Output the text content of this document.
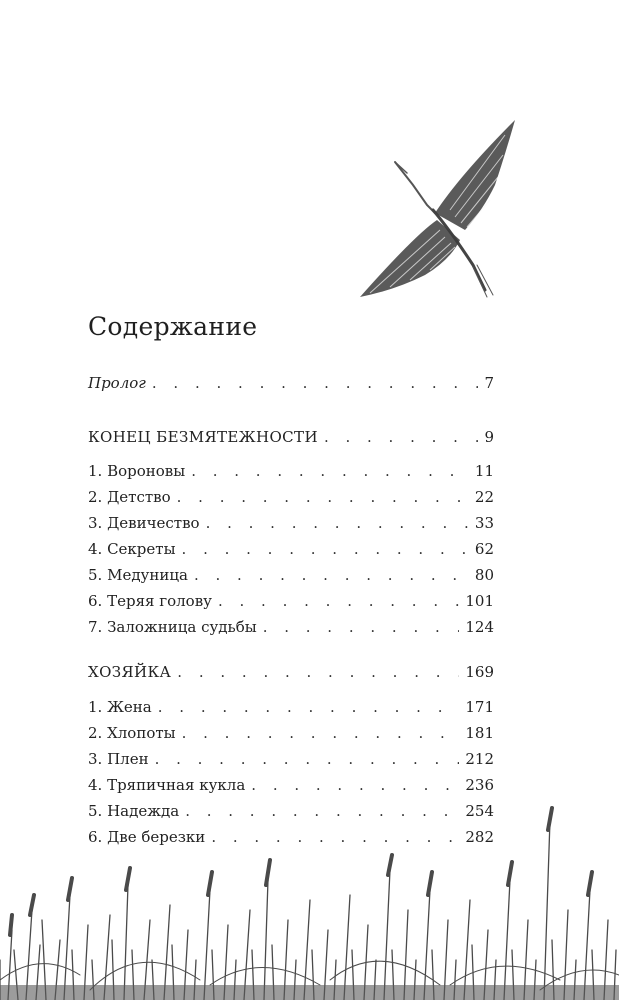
Содержание
Пролог . . .	7
КОНЕЦ БЕЗМЯТЕЖНОСТИ . . .	9
1. Вороновы . . .	11
2. Детство . . .	22
3. Девичество . . .	33
4. Секреты . . .	62
5. Медуница . . .	80
6. Теряя голову . . .	101
7. Заложница судьбы . . .	124
ХОЗЯЙКА . . .	169
1. Жена . . .	171
2. Хлопоты . . .	181
3. Плен . . .	212
4. Тряпичная кукла . . .	236
5. Надежда . . .	254
6. Две березки . . .	282
